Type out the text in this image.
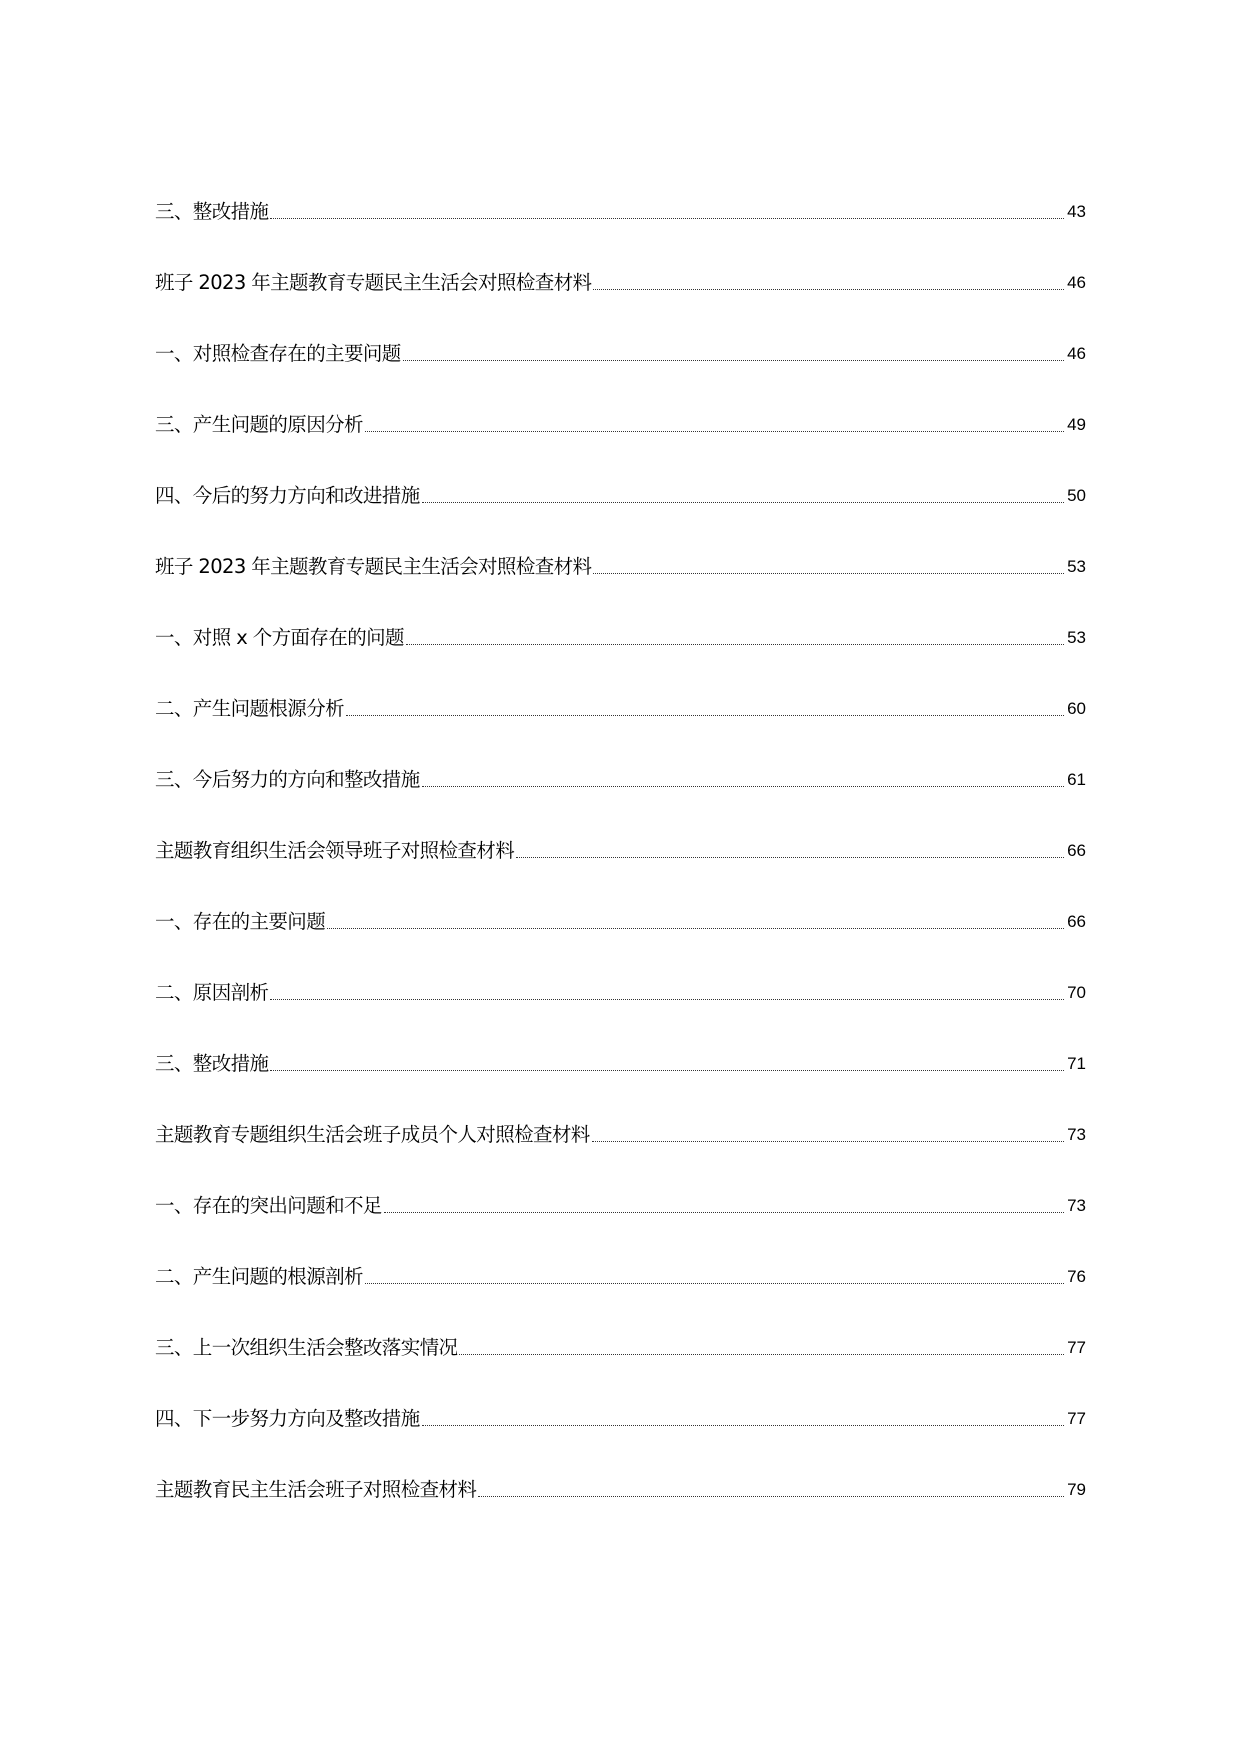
三、整改措施	43
班子 2023 年主题教育专题民主生活会对照检查材料	46
一、对照检查存在的主要问题	46
三、产生问题的原因分析	49
四、今后的努力方向和改进措施	50
班子 2023 年主题教育专题民主生活会对照检查材料	53
一、对照 x 个方面存在的问题	53
二、产生问题根源分析	60
三、今后努力的方向和整改措施	61
主题教育组织生活会领导班子对照检查材料	66
一、存在的主要问题	66
二、原因剖析	70
三、整改措施	71
主题教育专题组织生活会班子成员个人对照检查材料	73
一、存在的突出问题和不足	73
二、产生问题的根源剖析	76
三、上一次组织生活会整改落实情况	77
四、下一步努力方向及整改措施	77
主题教育民主生活会班子对照检查材料	79
